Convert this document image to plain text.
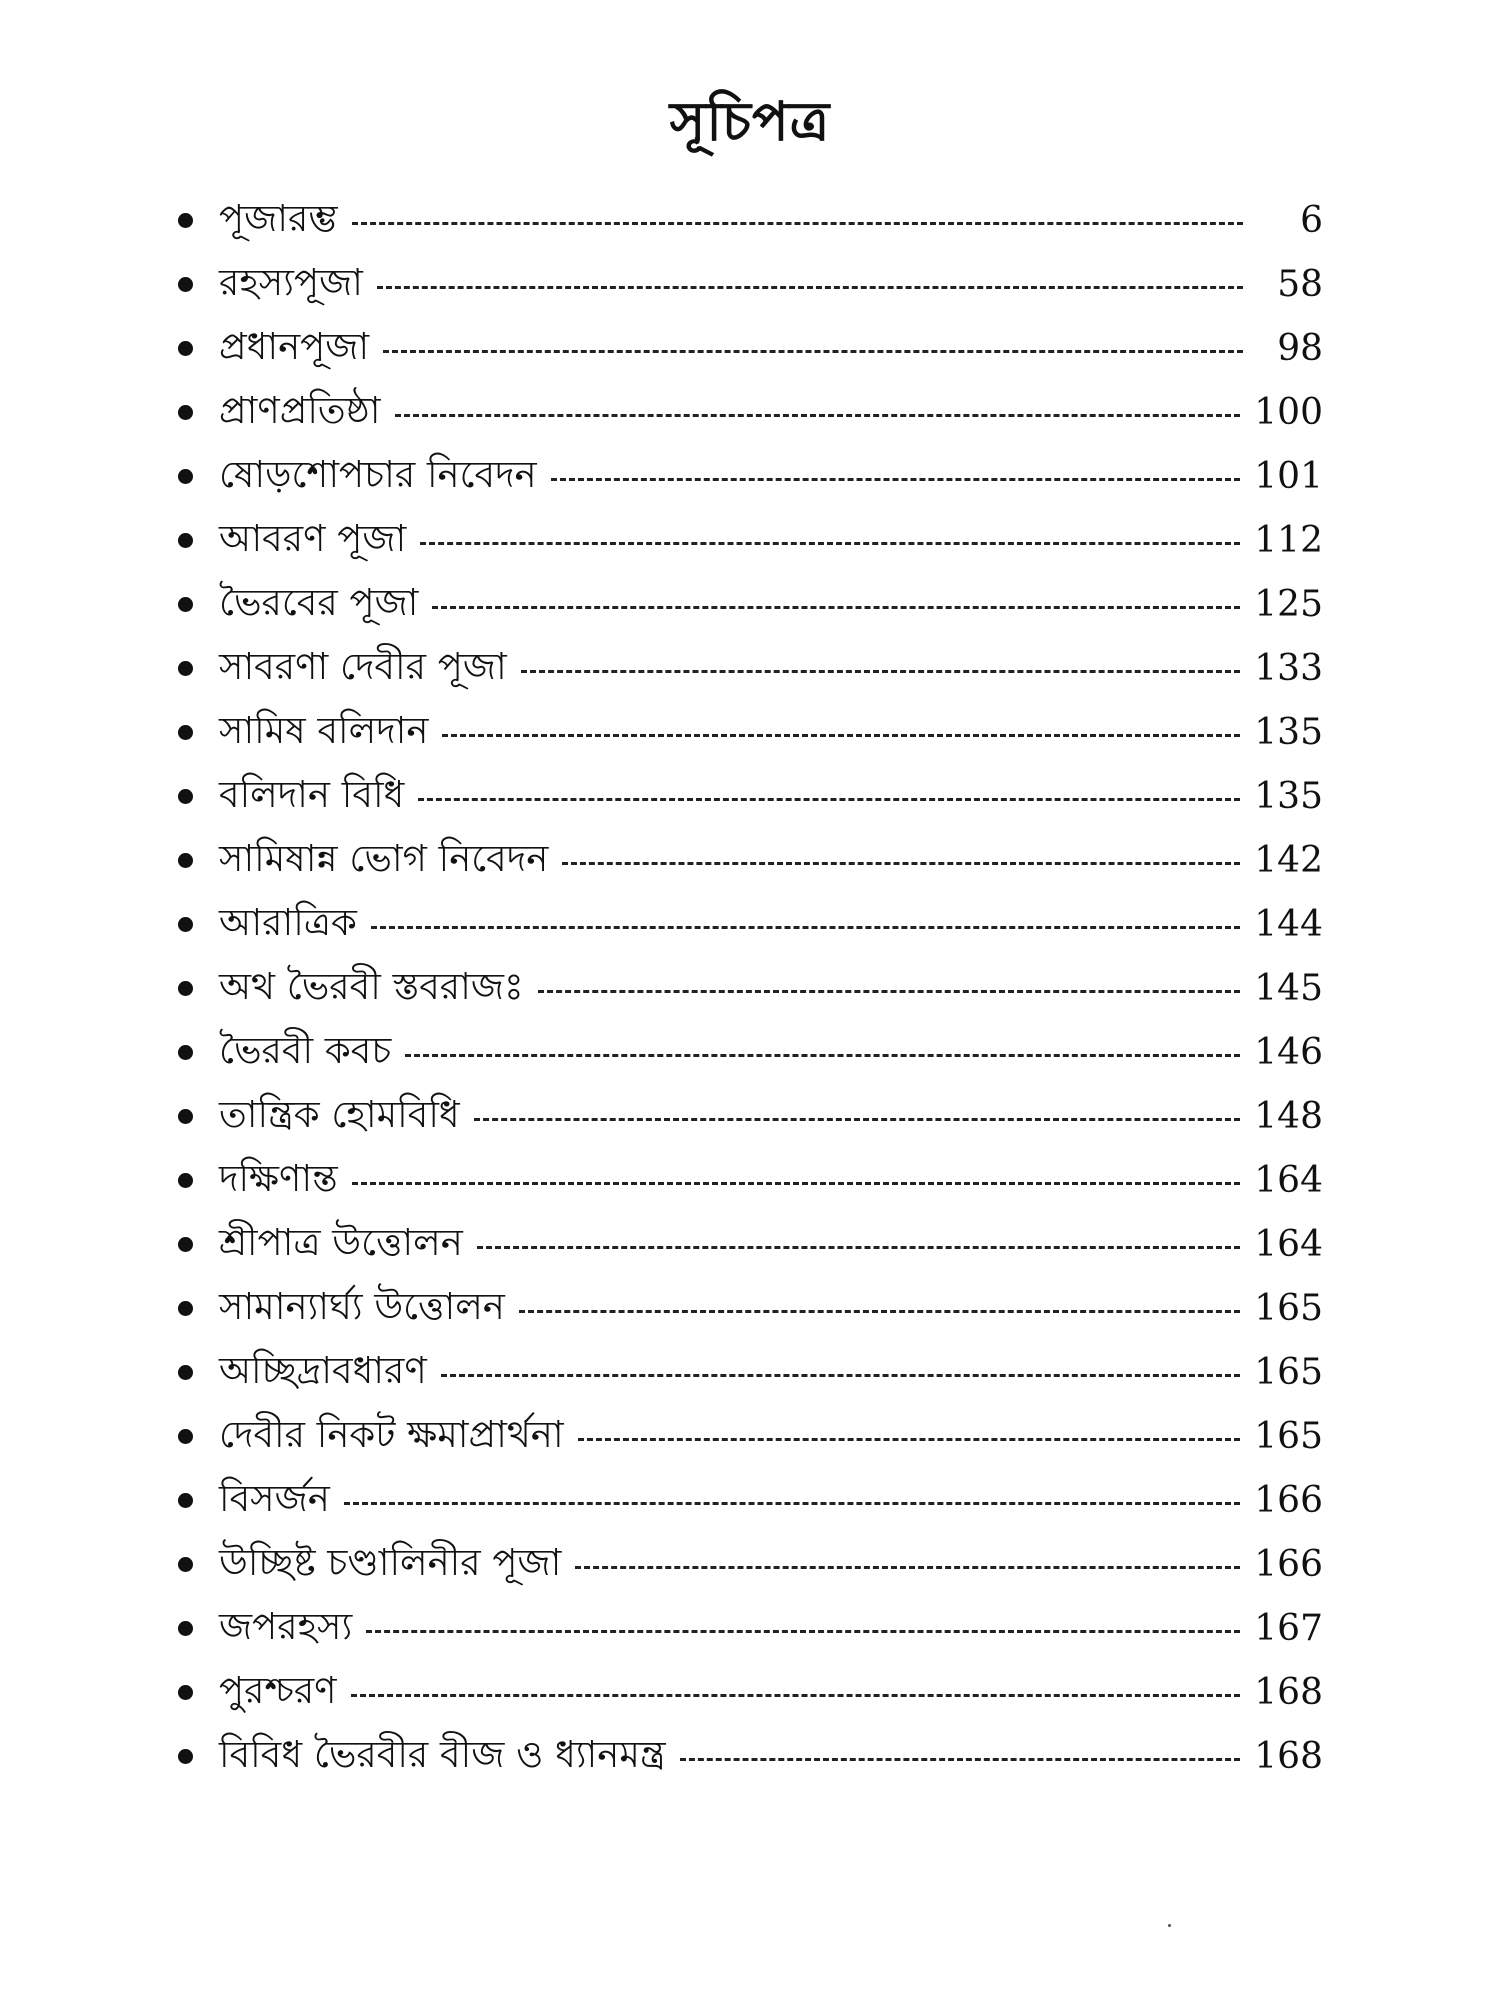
সূচিপত্র
পূজারম্ভ	6
রহস্যপূজা	58
প্রধানপূজা	98
প্রাণপ্রতিষ্ঠা	100
ষোড়শোপচার নিবেদন	101
আবরণ পূজা	112
ভৈরবের পূজা	125
সাবরণা দেবীর পূজা	133
সামিষ বলিদান	135
বলিদান বিধি	135
সামিষান্ন ভোগ নিবেদন	142
আরাত্রিক	144
অথ ভৈরবী স্তবরাজঃ	145
ভৈরবী কবচ	146
তান্ত্রিক হোমবিধি	148
দক্ষিণান্ত	164
শ্রীপাত্র উত্তোলন	164
সামান্যার্ঘ্য উত্তোলন	165
অচ্ছিদ্রাবধারণ	165
দেবীর নিকট ক্ষমাপ্রার্থনা	165
বিসর্জন	166
উচ্ছিষ্ট চণ্ডালিনীর পূজা	166
জপরহস্য	167
পুরশ্চরণ	168
বিবিধ ভৈরবীর বীজ ও ধ্যানমন্ত্র	168
